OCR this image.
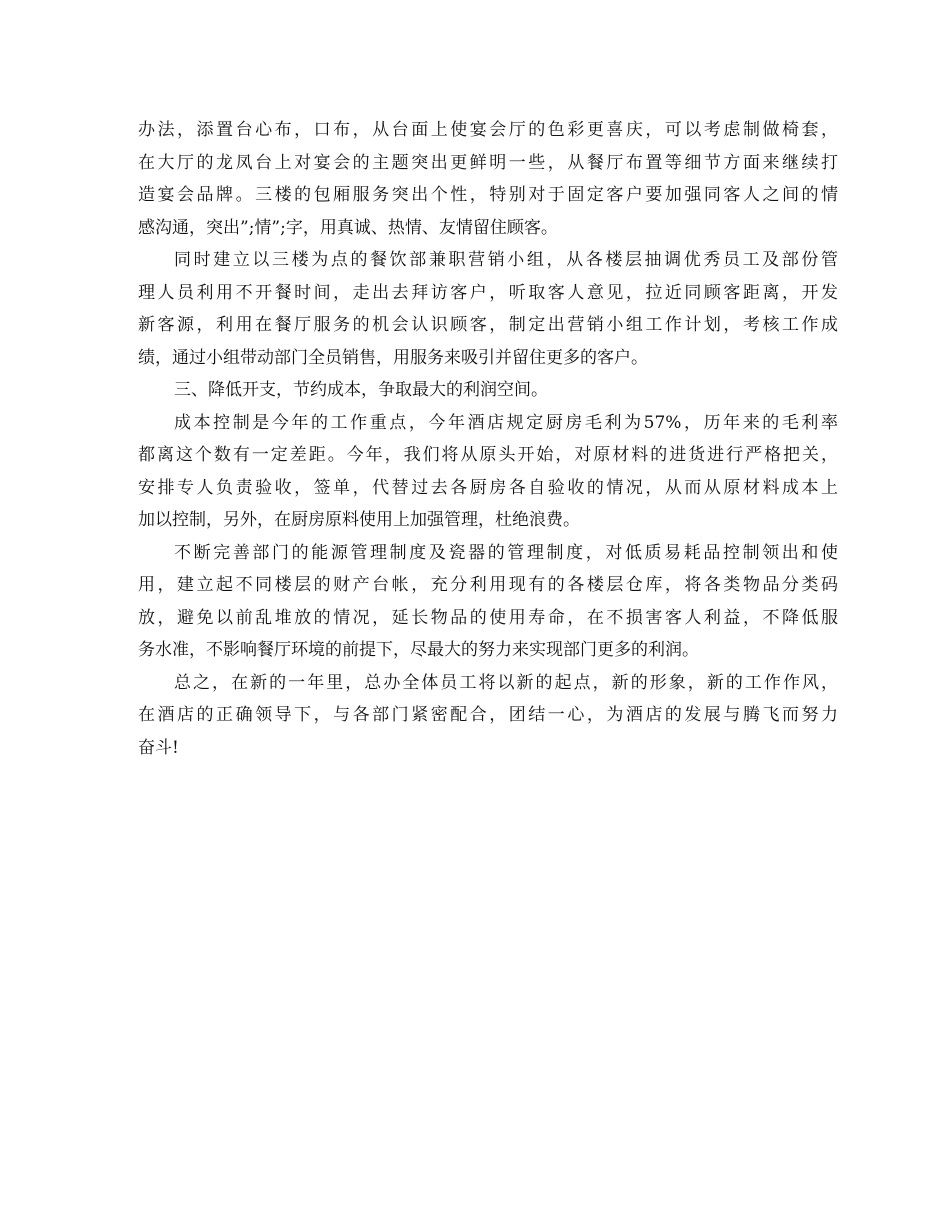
办法，添置台心布，口布，从台面上使宴会厅的色彩更喜庆，可以考虑制做椅套，
在大厅的龙凤台上对宴会的主题突出更鲜明一些，从餐厅布置等细节方面来继续打
造宴会品牌。三楼的包厢服务突出个性，特别对于固定客户要加强同客人之间的情
感沟通，突出”;情”;字，用真诚、热情、友情留住顾客。
同时建立以三楼为点的餐饮部兼职营销小组，从各楼层抽调优秀员工及部份管
理人员利用不开餐时间，走出去拜访客户，听取客人意见，拉近同顾客距离，开发
新客源，利用在餐厅服务的机会认识顾客，制定出营销小组工作计划，考核工作成
绩，通过小组带动部门全员销售，用服务来吸引并留住更多的客户。
三、降低开支，节约成本，争取最大的利润空间。
成本控制是今年的工作重点，今年酒店规定厨房毛利为57%，历年来的毛利率
都离这个数有一定差距。今年，我们将从原头开始，对原材料的进货进行严格把关，
安排专人负责验收，签单，代替过去各厨房各自验收的情况，从而从原材料成本上
加以控制，另外，在厨房原料使用上加强管理，杜绝浪费。
不断完善部门的能源管理制度及瓷器的管理制度，对低质易耗品控制领出和使
用，建立起不同楼层的财产台帐，充分利用现有的各楼层仓库，将各类物品分类码
放，避免以前乱堆放的情况，延长物品的使用寿命，在不损害客人利益，不降低服
务水准，不影响餐厅环境的前提下，尽最大的努力来实现部门更多的利润。
总之，在新的一年里，总办全体员工将以新的起点，新的形象，新的工作作风，
在酒店的正确领导下，与各部门紧密配合，团结一心，为酒店的发展与腾飞而努力
奋斗!
